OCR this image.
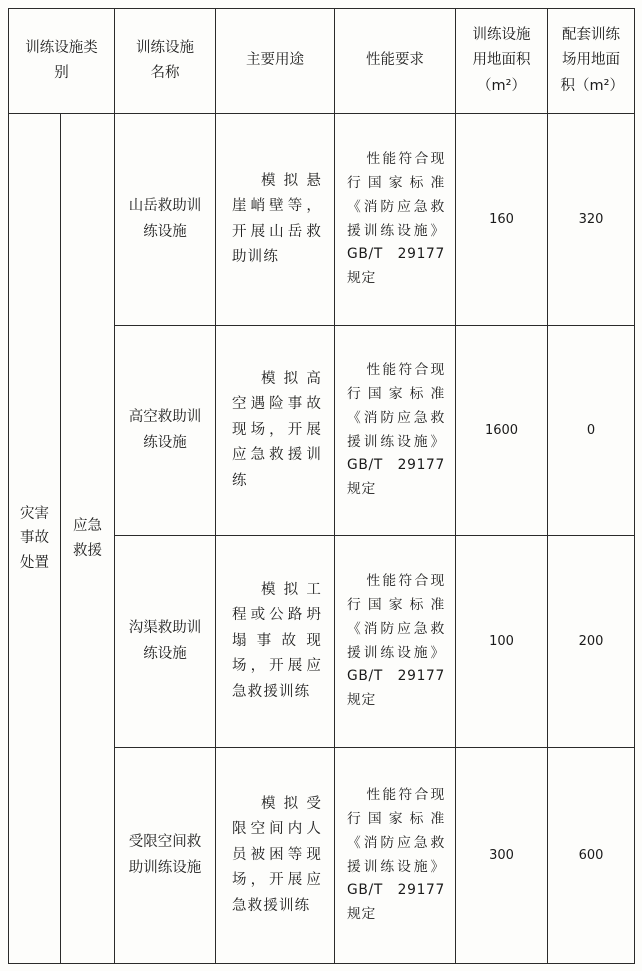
训练设施类别		训练设施名称	主要用途	性能要求	训练设施用地面积（m²）	配套训练场用地面积（m²）

灾害事故处置	应急救援	山岳救助训练设施	模拟悬崖峭壁等，开展山岳救助训练	性能符合现行国家标准《消防应急救援训练设施》GB/T 29177规定	160	320

		高空救助训练设施	模拟高空遇险事故现场，开展应急救援训练	性能符合现行国家标准《消防应急救援训练设施》GB/T 29177规定	1600	0

		沟渠救助训练设施	模拟工程或公路坍塌事故现场，开展应急救援训练	性能符合现行国家标准《消防应急救援训练设施》GB/T 29177规定	100	200

		受限空间救助训练设施	模拟受限空间内人员被困等现场，开展应急救援训练	性能符合现行国家标准《消防应急救援训练设施》GB/T 29177规定	300	600
